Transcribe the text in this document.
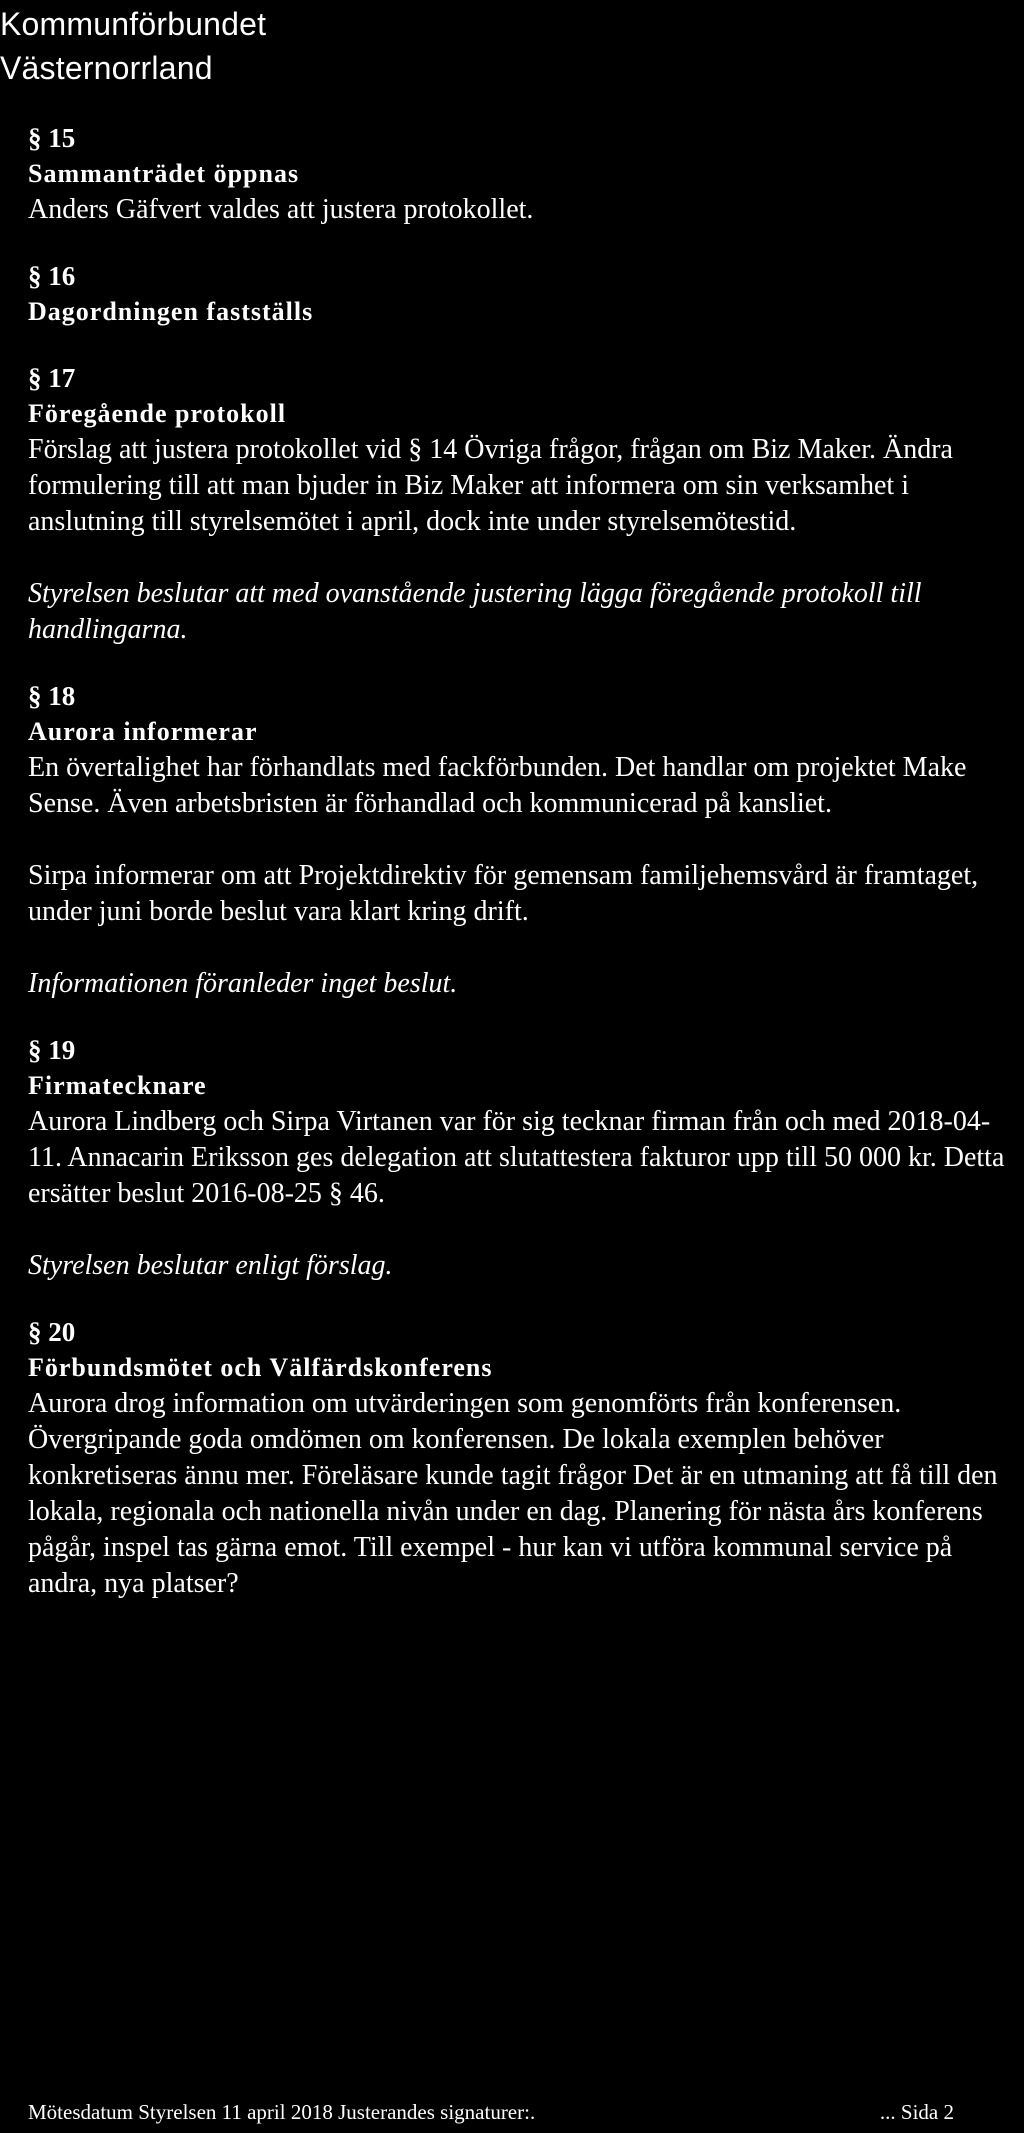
Kommunförbundet
Västernorrland
§ 15
Sammanträdet öppnas

Anders Gäfvert valdes att justera protokollet.

§ 16
Dagordningen fastställs
§ 17
Föregående protokoll

Förslag att justera protokollet vid § 14 Övriga frågor, frågan om Biz Maker. Ändra formulering till att man bjuder in Biz Maker att informera om sin verksamhet i anslutning till styrelsemötet i april, dock inte under styrelsemötestid.

Styrelsen beslutar att med ovanstående justering lägga föregående protokoll till handlingarna.

§ 18
Aurora informerar

En övertalighet har förhandlats med fackförbunden. Det handlar om projektet Make Sense. Även arbetsbristen är förhandlad och kommunicerad på kansliet.

Sirpa informerar om att Projektdirektiv för gemensam familjehemsvård är framtaget, under juni borde beslut vara klart kring drift.

Informationen föranleder inget beslut.

§ 19
Firmatecknare

Aurora Lindberg och Sirpa Virtanen var för sig tecknar firman från och med 2018-04-11. Annacarin Eriksson ges delegation att slutattestera fakturor upp till 50 000 kr. Detta ersätter beslut 2016-08-25 § 46.

Styrelsen beslutar enligt förslag.

§ 20
Förbundsmötet och Välfärdskonferens

Aurora drog information om utvärderingen som genomförts från konferensen. Övergripande goda omdömen om konferensen. De lokala exemplen behöver konkretiseras ännu mer. Föreläsare kunde tagit frågor Det är en utmaning att få till den lokala, regionala och nationella nivån under en dag. Planering för nästa års konferens pågår, inspel tas gärna emot. Till exempel - hur kan vi utföra kommunal service på andra, nya platser?

Mötesdatum Styrelsen 11 april 2018 Justerandes signaturer:.	... Sida 2
